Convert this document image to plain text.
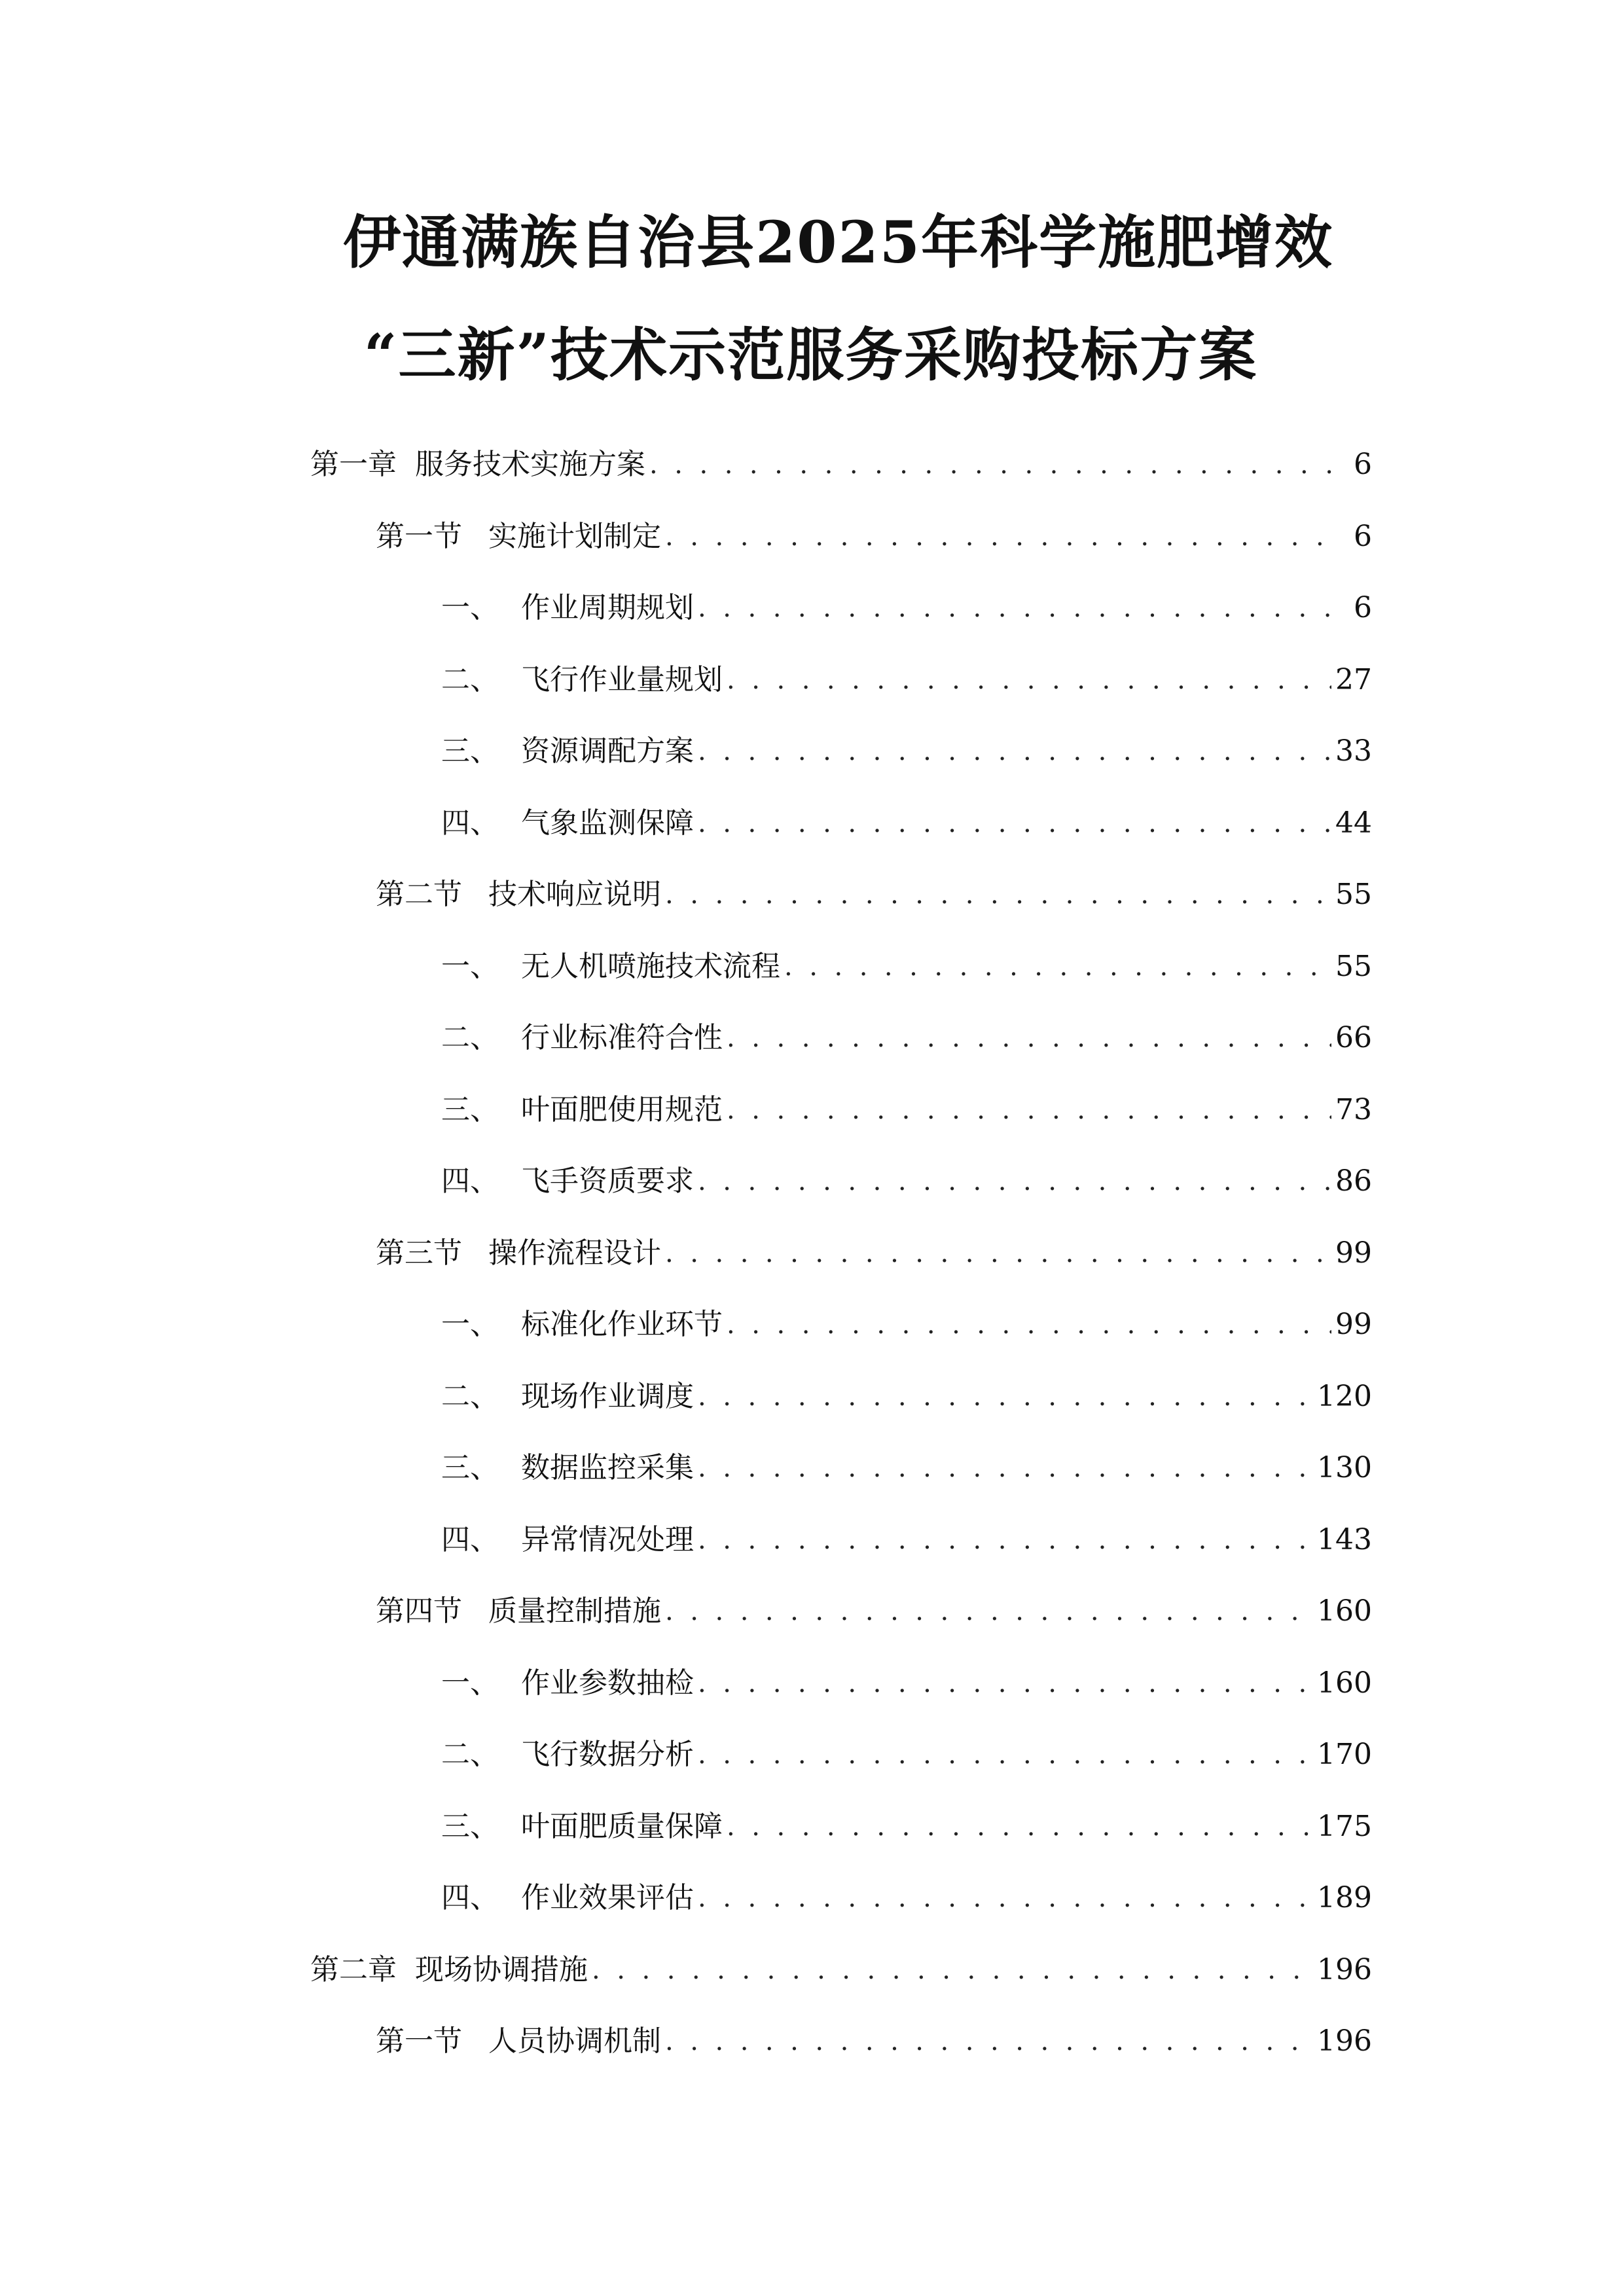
伊通满族自治县2025年科学施肥增效
“三新”技术示范服务采购投标方案
第一章 服务技术实施方案 . . .	6
第一节 实施计划制定 . . .	6
一、 作业周期规划 . . .	6
二、 飞行作业量规划 . . .	27
三、 资源调配方案 . . .	33
四、 气象监测保障 . . .	44
第二节 技术响应说明 . . .	55
一、 无人机喷施技术流程 . . .	55
二、 行业标准符合性 . . .	66
三、 叶面肥使用规范 . . .	73
四、 飞手资质要求 . . .	86
第三节 操作流程设计 . . .	99
一、 标准化作业环节 . . .	99
二、 现场作业调度 . . .	120
三、 数据监控采集 . . .	130
四、 异常情况处理 . . .	143
第四节 质量控制措施 . . .	160
一、 作业参数抽检 . . .	160
二、 飞行数据分析 . . .	170
三、 叶面肥质量保障 . . .	175
四、 作业效果评估 . . .	189
第二章 现场协调措施 . . .	196
第一节 人员协调机制 . . .	196
